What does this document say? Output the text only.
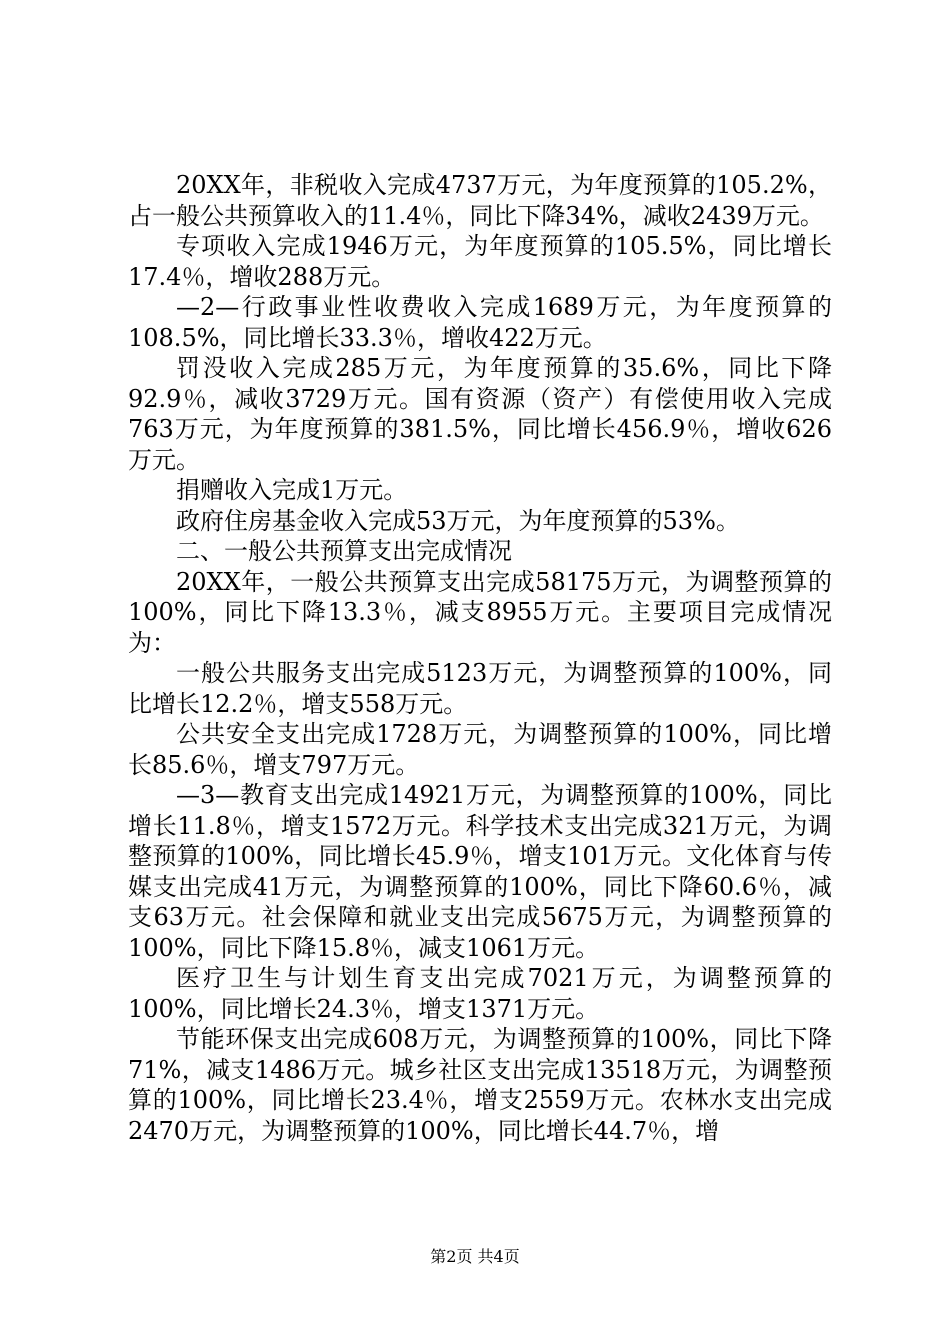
20XX年，非税收入完成4737万元，为年度预算的105.2%，占一般公共预算收入的11.4％，同比下降34%，减收2439万元。

专项收入完成1946万元，为年度预算的105.5%，同比增长17.4％，增收288万元。

—2—行政事业性收费收入完成1689万元，为年度预算的108.5%，同比增长33.3％，增收422万元。

罚没收入完成285万元，为年度预算的35.6%，同比下降92.9％，减收3729万元。国有资源（资产）有偿使用收入完成763万元，为年度预算的381.5%，同比增长456.9％，增收626万元。

捐赠收入完成1万元。

政府住房基金收入完成53万元，为年度预算的53%。

二、一般公共预算支出完成情况

20XX年，一般公共预算支出完成58175万元，为调整预算的100%，同比下降13.3％，减支8955万元。主要项目完成情况为：

一般公共服务支出完成5123万元，为调整预算的100%，同比增长12.2％，增支558万元。

公共安全支出完成1728万元，为调整预算的100%，同比增长85.6％，增支797万元。

—3—教育支出完成14921万元，为调整预算的100%，同比增长11.8％，增支1572万元。科学技术支出完成321万元，为调整预算的100%，同比增长45.9％，增支101万元。文化体育与传媒支出完成41万元，为调整预算的100%，同比下降60.6％，减支63万元。社会保障和就业支出完成5675万元，为调整预算的100%，同比下降15.8％，减支1061万元。

医疗卫生与计划生育支出完成7021万元，为调整预算的100%，同比增长24.3％，增支1371万元。

节能环保支出完成608万元，为调整预算的100%，同比下降71%，减支1486万元。城乡社区支出完成13518万元，为调整预算的100%，同比增长23.4％，增支2559万元。农林水支出完成2470万元，为调整预算的100%，同比增长44.7％，增

第2页 共4页
